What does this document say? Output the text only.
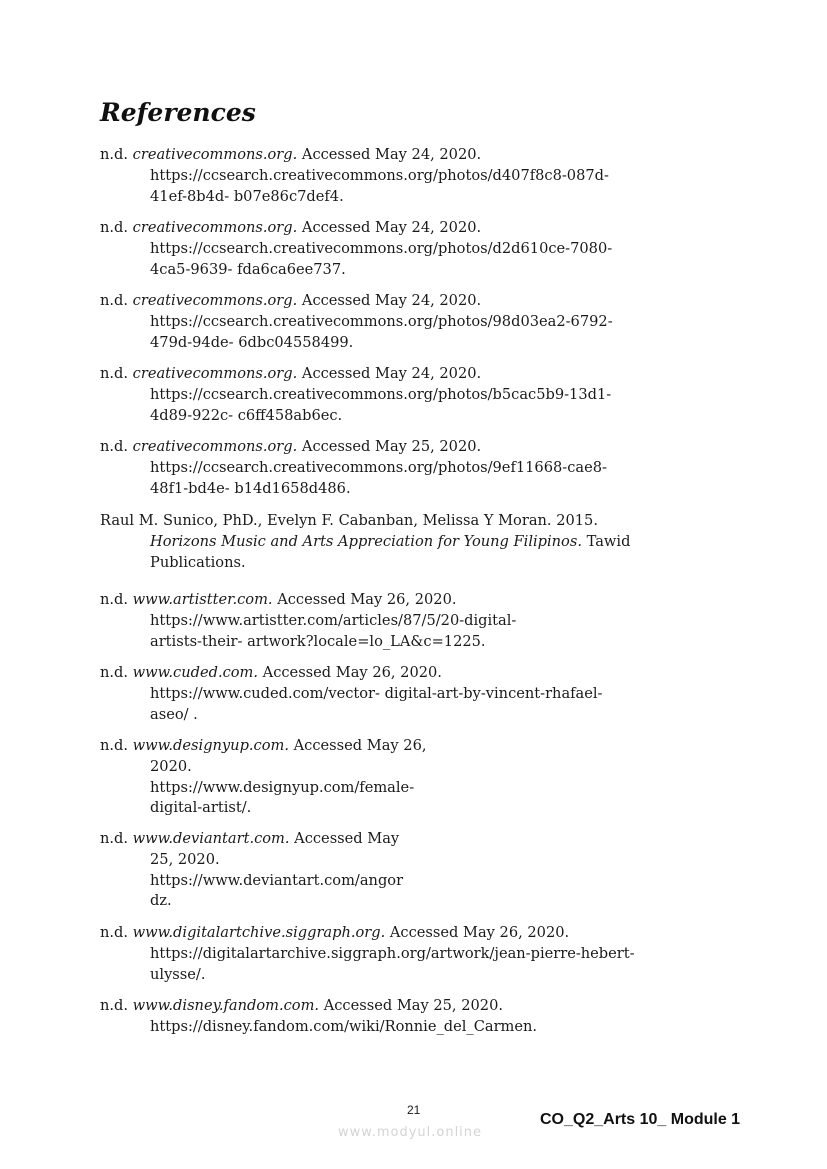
References
n.d. creativecommons.org. Accessed May 24, 2020.
https://ccsearch.creativecommons.org/photos/d407f8c8-087d-
41ef-8b4d- b07e86c7def4.
n.d. creativecommons.org. Accessed May 24, 2020.
https://ccsearch.creativecommons.org/photos/d2d610ce-7080-
4ca5-9639- fda6ca6ee737.
n.d. creativecommons.org. Accessed May 24, 2020.
https://ccsearch.creativecommons.org/photos/98d03ea2-6792-
479d-94de- 6dbc04558499.
n.d. creativecommons.org. Accessed May 24, 2020.
https://ccsearch.creativecommons.org/photos/b5cac5b9-13d1-
4d89-922c- c6ff458ab6ec.
n.d. creativecommons.org. Accessed May 25, 2020.
https://ccsearch.creativecommons.org/photos/9ef11668-cae8-
48f1-bd4e- b14d1658d486.
Raul M. Sunico, PhD., Evelyn F. Cabanban, Melissa Y Moran. 2015.
Horizons Music and Arts Appreciation for Young Filipinos. Tawid
Publications.
n.d. www.artistter.com. Accessed May 26, 2020.
https://www.artistter.com/articles/87/5/20-digital-
artists-their- artwork?locale=lo_LA&c=1225.
n.d. www.cuded.com. Accessed May 26, 2020.
https://www.cuded.com/vector- digital-art-by-vincent-rhafael-
aseo/ .
n.d. www.designyup.com. Accessed May 26,
2020.
https://www.designyup.com/female-
digital-artist/.
n.d. www.deviantart.com. Accessed May
25, 2020.
https://www.deviantart.com/angor
dz.
n.d. www.digitalartchive.siggraph.org. Accessed May 26, 2020.
https://digitalartarchive.siggraph.org/artwork/jean-pierre-hebert-
ulysse/.
n.d. www.disney.fandom.com. Accessed May 25, 2020.
https://disney.fandom.com/wiki/Ronnie_del_Carmen.
21
CO_Q2_Arts 10_ Module 1
www.modyul.online
